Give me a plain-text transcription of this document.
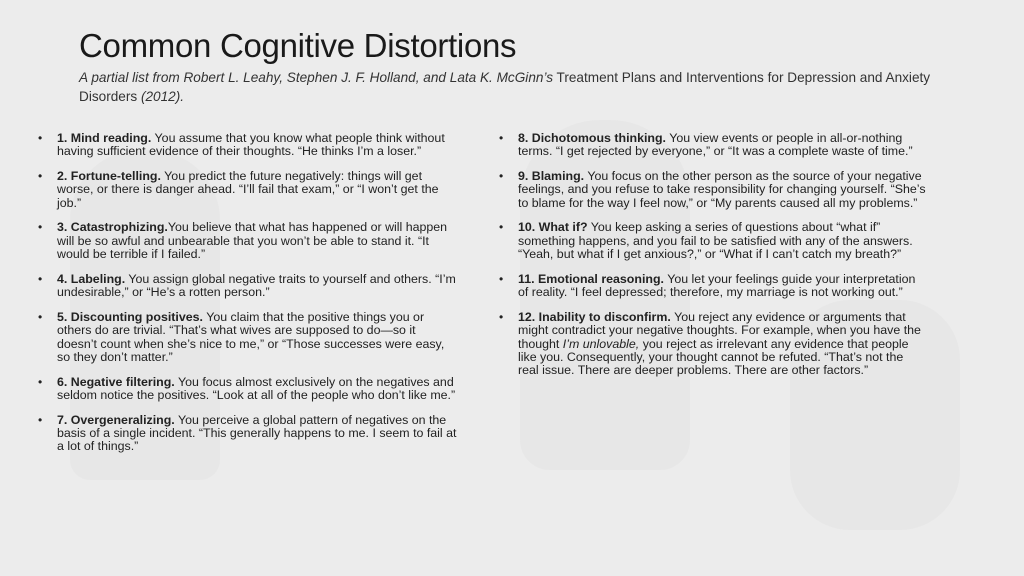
Common Cognitive Distortions
A partial list from Robert L. Leahy, Stephen J. F. Holland, and Lata K. McGinn’s Treatment Plans and Interventions for Depression and Anxiety Disorders (2012).
• 1. Mind reading. You assume that you know what people think without having sufficient evidence of their thoughts. “He thinks I’m a loser.”
• 2. Fortune-telling. You predict the future negatively: things will get worse, or there is danger ahead. “I’ll fail that exam,” or “I won’t get the job.”
• 3. Catastrophizing.You believe that what has happened or will happen will be so awful and unbearable that you won’t be able to stand it. “It would be terrible if I failed.”
• 4. Labeling. You assign global negative traits to yourself and others. “I’m undesirable,” or “He’s a rotten person.”
• 5. Discounting positives. You claim that the positive things you or others do are trivial. “That’s what wives are supposed to do—so it doesn’t count when she’s nice to me,” or “Those successes were easy, so they don’t matter.”
• 6. Negative filtering. You focus almost exclusively on the negatives and seldom notice the positives. “Look at all of the people who don’t like me.”
• 7. Overgeneralizing. You perceive a global pattern of negatives on the basis of a single incident. “This generally happens to me. I seem to fail at a lot of things.”
• 8. Dichotomous thinking. You view events or people in all-or-nothing terms. “I get rejected by everyone,” or “It was a complete waste of time.”
• 9. Blaming. You focus on the other person as the source of your negative feelings, and you refuse to take responsibility for changing yourself. “She’s to blame for the way I feel now,” or “My parents caused all my problems.”
• 10. What if? You keep asking a series of questions about “what if” something happens, and you fail to be satisfied with any of the answers. “Yeah, but what if I get anxious?,” or “What if I can’t catch my breath?”
• 11. Emotional reasoning. You let your feelings guide your interpretation of reality. “I feel depressed; therefore, my marriage is not working out.”
• 12. Inability to disconfirm. You reject any evidence or arguments that might contradict your negative thoughts. For example, when you have the thought I’m unlovable, you reject as irrelevant any evidence that people like you. Consequently, your thought cannot be refuted. “That’s not the real issue. There are deeper problems. There are other factors.”
